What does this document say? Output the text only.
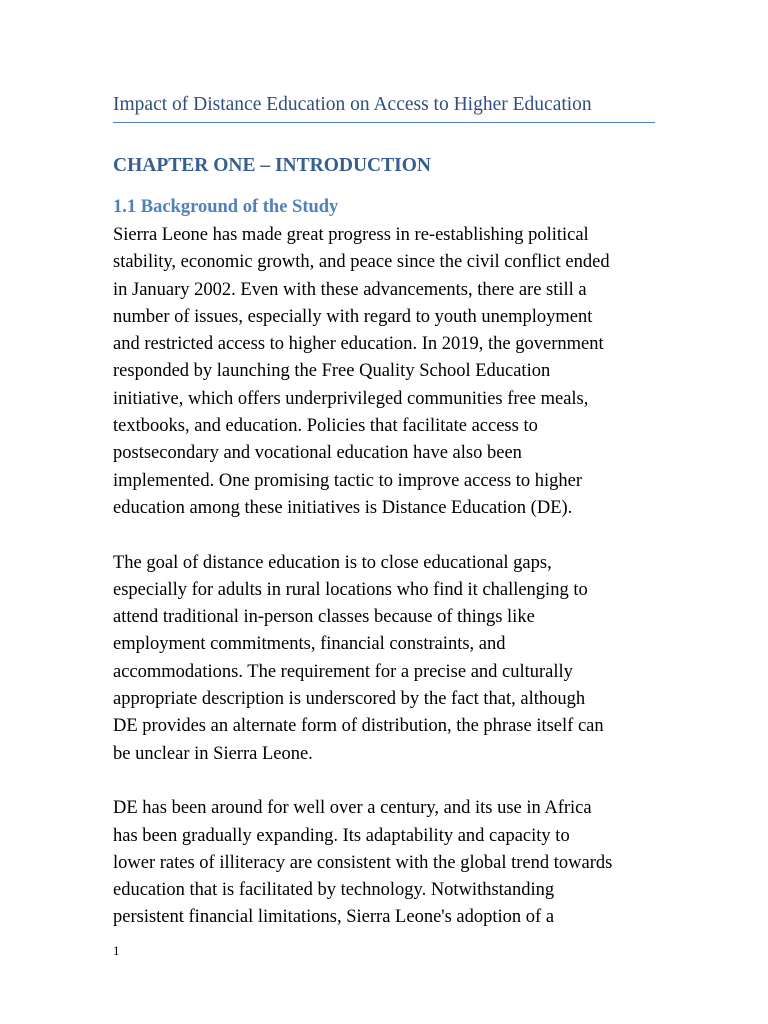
Impact of Distance Education on Access to Higher Education
CHAPTER ONE – INTRODUCTION
1.1 Background of the Study

Sierra Leone has made great progress in re-establishing political
stability, economic growth, and peace since the civil conflict ended
in January 2002. Even with these advancements, there are still a
number of issues, especially with regard to youth unemployment
and restricted access to higher education. In 2019, the government
responded by launching the Free Quality School Education
initiative, which offers underprivileged communities free meals,
textbooks, and education. Policies that facilitate access to
postsecondary and vocational education have also been
implemented. One promising tactic to improve access to higher
education among these initiatives is Distance Education (DE).

The goal of distance education is to close educational gaps,
especially for adults in rural locations who find it challenging to
attend traditional in-person classes because of things like
employment commitments, financial constraints, and
accommodations. The requirement for a precise and culturally
appropriate description is underscored by the fact that, although
DE provides an alternate form of distribution, the phrase itself can
be unclear in Sierra Leone.

DE has been around for well over a century, and its use in Africa
has been gradually expanding. Its adaptability and capacity to
lower rates of illiteracy are consistent with the global trend towards
education that is facilitated by technology. Notwithstanding
persistent financial limitations, Sierra Leone's adoption of a

1
